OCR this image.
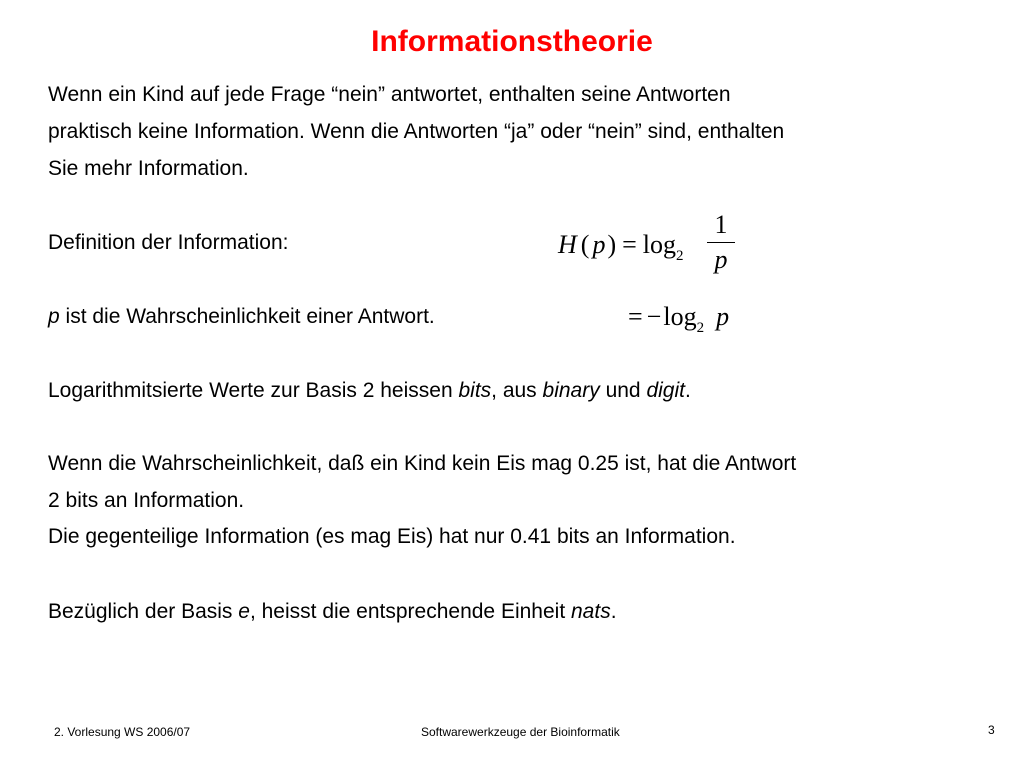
Informationstheorie
Wenn ein Kind auf jede Frage “nein” antwortet, enthalten seine Antworten
praktisch keine Information. Wenn die Antworten “ja” oder “nein” sind, enthalten
Sie mehr Information.
Definition der Information:
p ist die Wahrscheinlichkeit einer Antwort.
Logarithmitsierte Werte zur Basis 2 heissen bits, aus binary und digit.
Wenn die Wahrscheinlichkeit, daß ein Kind kein Eis mag 0.25 ist, hat die Antwort
2 bits an Information.
Die gegenteilige Information (es mag Eis) hat nur 0.41 bits an Information.
Bezüglich der Basis e, heisst die entsprechende Einheit nats.
H ( $p) = \log_2$
1
p
= $-\log_2$ p
2. Vorlesung WS 2006/07	Softwarewerkzeuge der Bioinformatik	3
